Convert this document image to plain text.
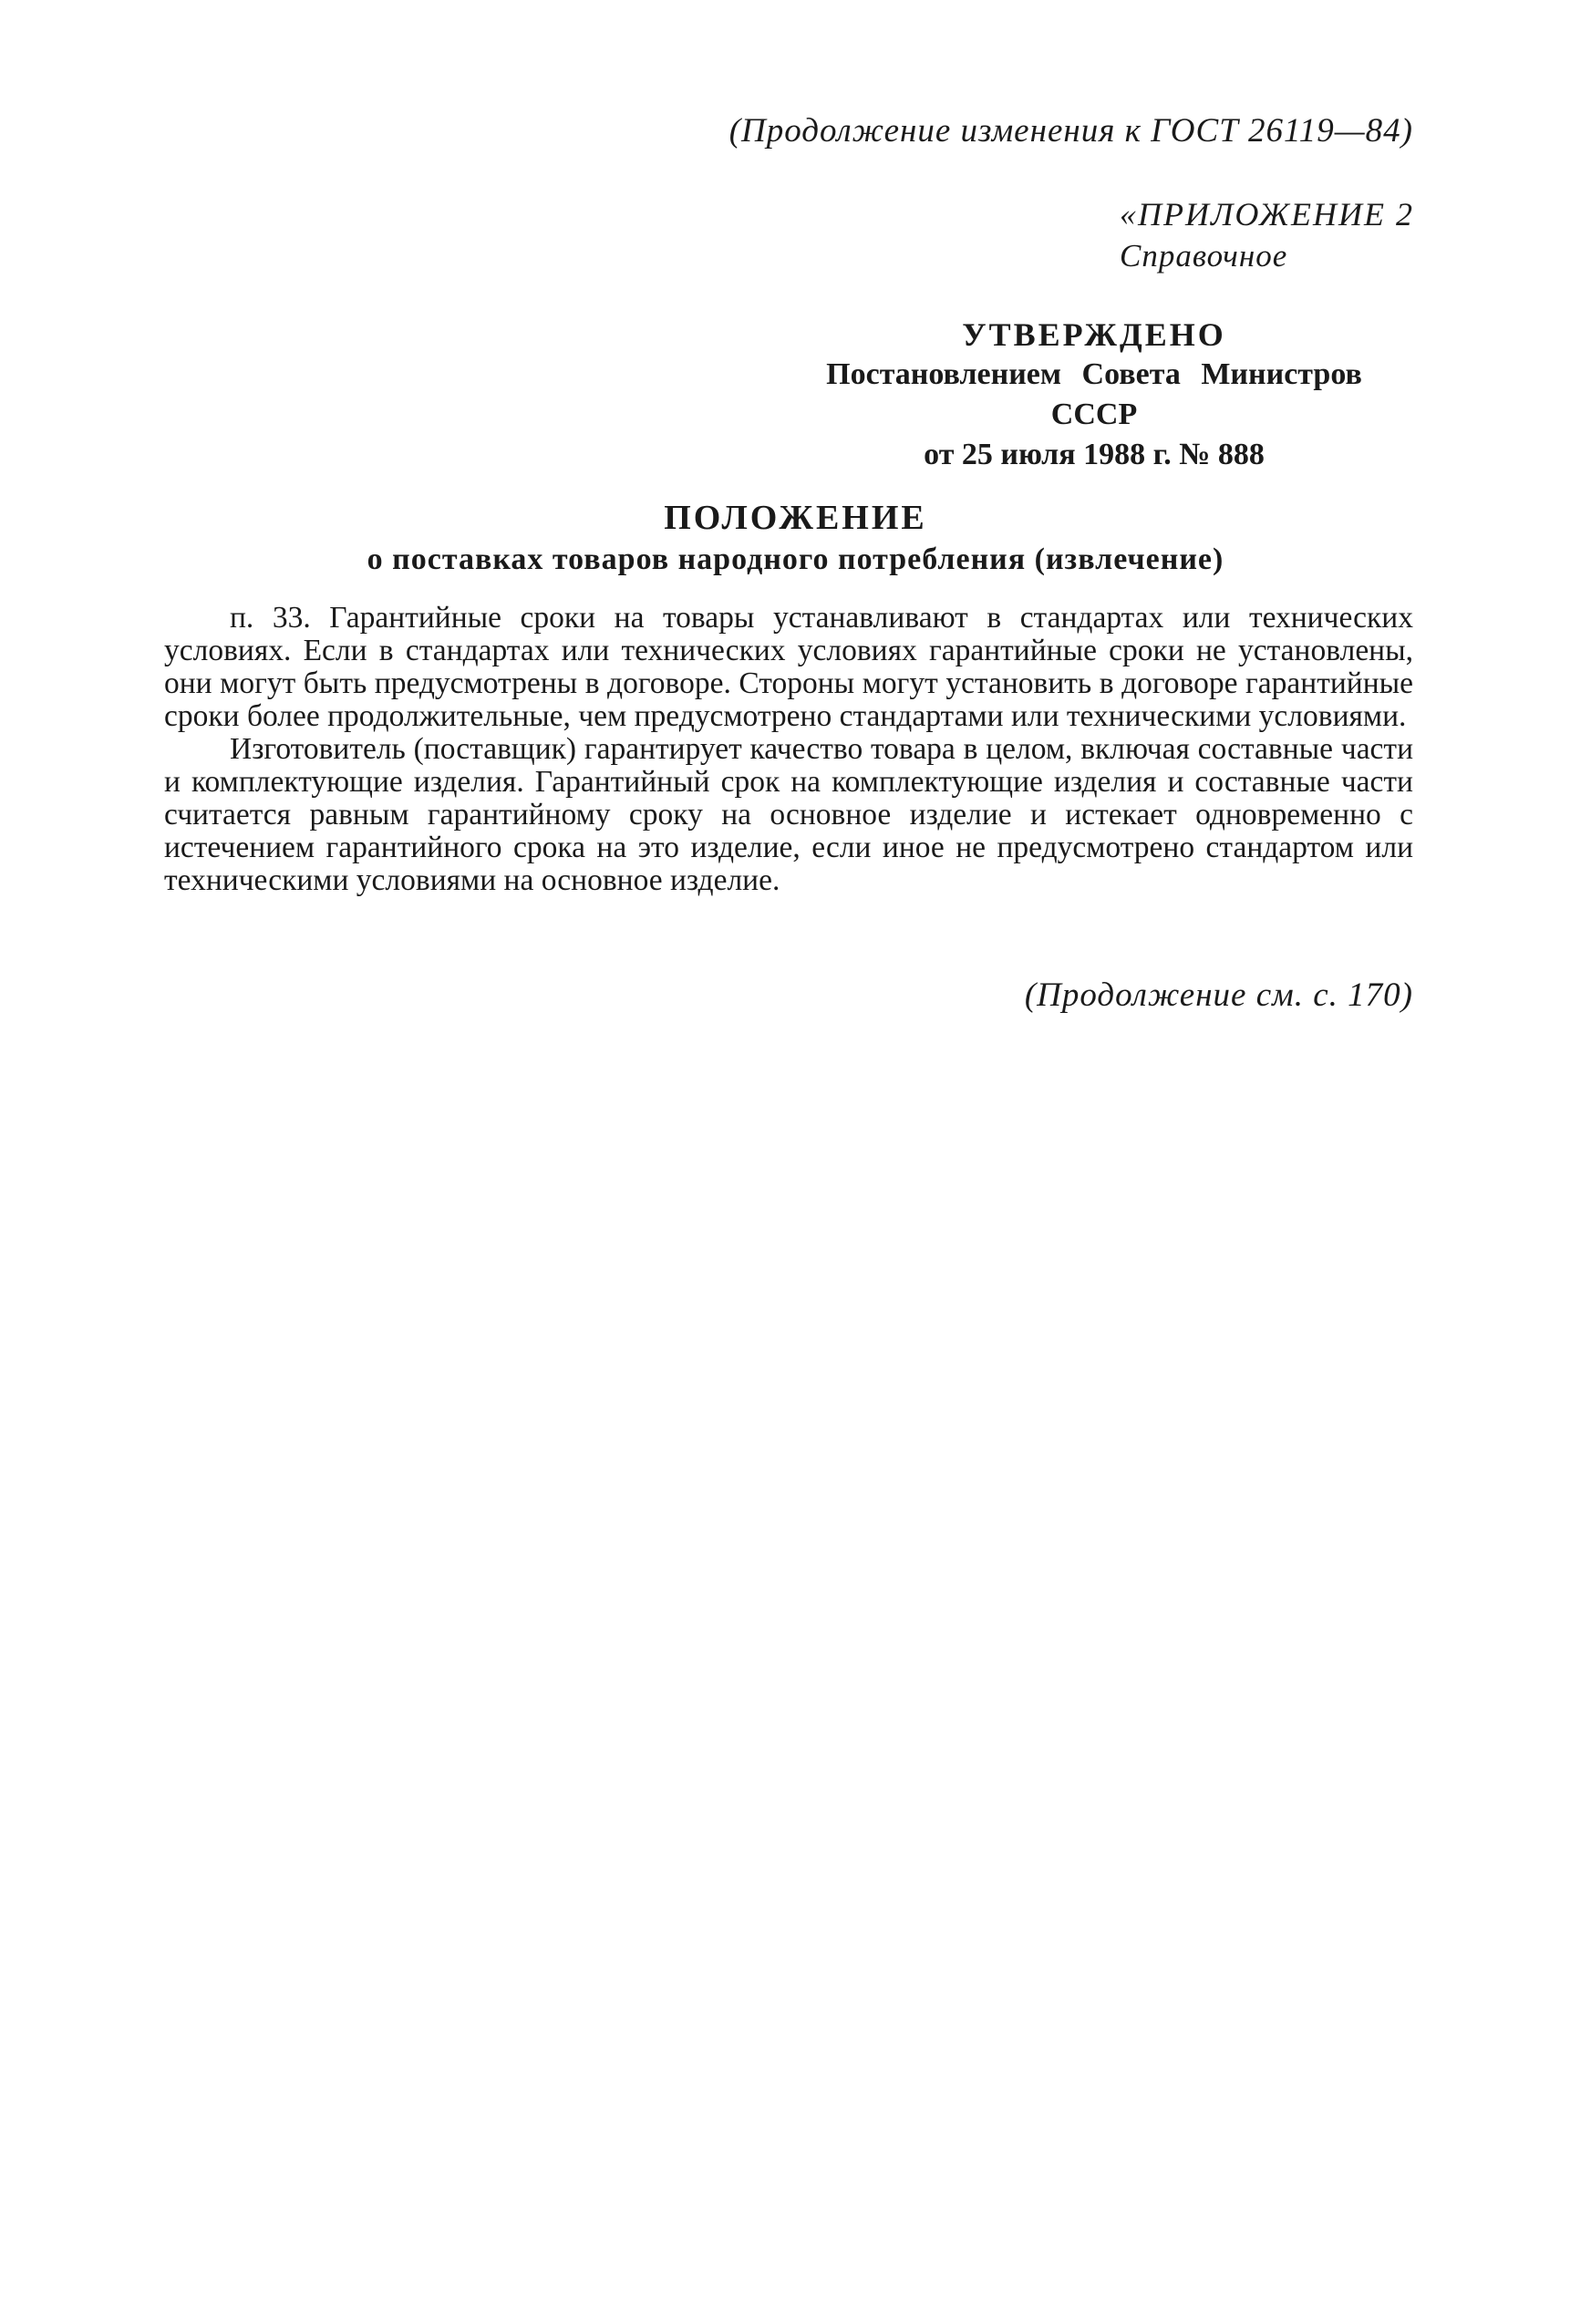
(Продолжение изменения к ГОСТ 26119—84)
«ПРИЛОЖЕНИЕ 2
Справочное
УТВЕРЖДЕНО
Постановлением Совета Министров
СССР
от 25 июля 1988 г. № 888
ПОЛОЖЕНИЕ
о поставках товаров народного потребления (извлечение)

п. 33. Гарантийные сроки на товары устанавливают в стандартах или технических условиях. Если в стандартах или технических условиях гарантийные сроки не установлены, они могут быть предусмотрены в договоре. Стороны могут установить в договоре гарантийные сроки более продолжительные, чем предусмотрено стандартами или техническими условиями.

Изготовитель (поставщик) гарантирует качество товара в целом, включая составные части и комплектующие изделия. Гарантийный срок на комплектующие изделия и составные части считается равным гарантийному сроку на основное изделие и истекает одновременно с истечением гарантийного срока на это изделие, если иное не предусмотрено стандартом или техническими условиями на основное изделие.

(Продолжение см. с. 170)
